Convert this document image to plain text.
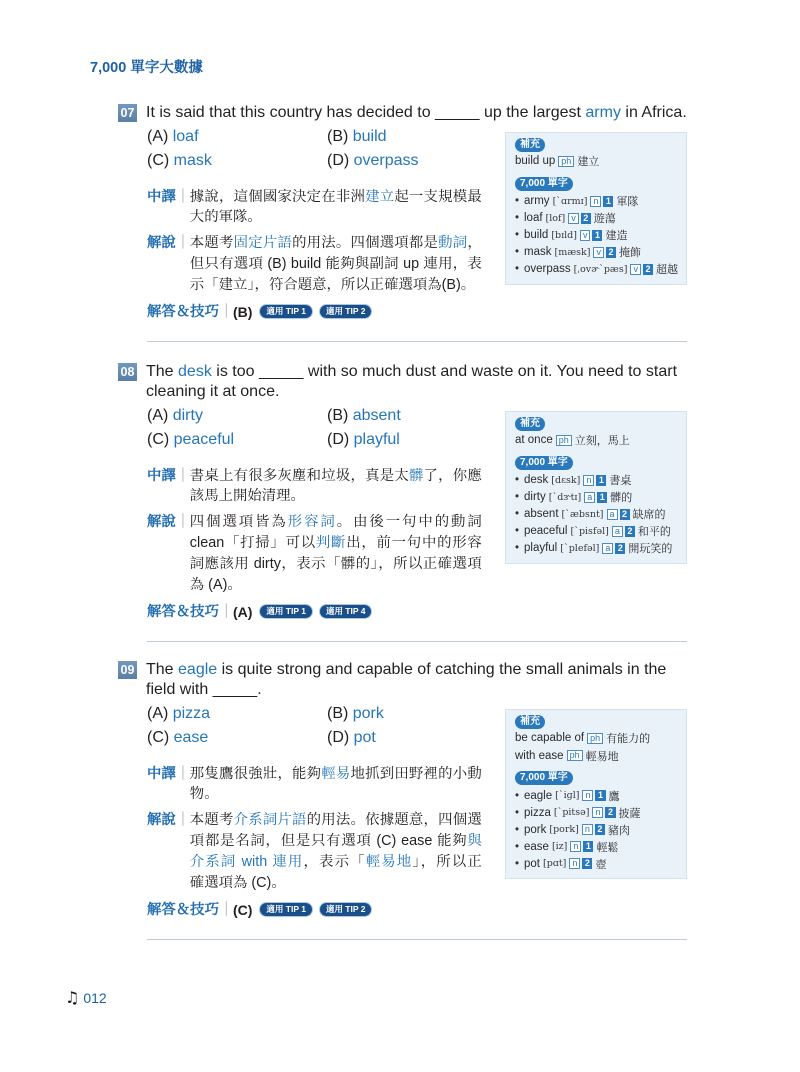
7,000 單字大數據
07 It is said that this country has decided to _____ up the largest army in Africa.
(A) loaf	(B) build
(C) mask	(D) overpass
中譯 ｜ 據說，這個國家決定在非洲建立起一支規模最
大的軍隊。
解說 ｜ 本題考固定片語的用法。四個選項都是動詞，
但只有選項 (B) build 能夠與副詞 up 連用，表
示「建立」，符合題意，所以正確選項為(B)。
解答＆技巧 ｜ (B)	適用 TIP 1	適用 TIP 2
補充
build up ph 建立
7,000 單字
•
army [ˋɑrmɪ] n 1 軍隊
•
loaf [lof] v 2 遊蕩
•
build [bɪld] v 1 建造
•
mask [mæsk] v 2 掩飾
•
overpass [ˌovɚˋpæs] v 2 超越
08 The desk is too _____ with so much dust and waste on it. You need to start cleaning it at once.
(A) dirty	(B) absent
(C) peaceful	(D) playful
中譯 ｜ 書桌上有很多灰塵和垃圾，真是太髒了，你應
該馬上開始清理。
解說 ｜ 四個選項皆為形容詞。由後一句中的動詞
clean「打掃」可以判斷出，前一句中的形容
詞應該用 dirty，表示「髒的」，所以正確選項
為 (A)。
解答＆技巧 ｜ (A)	適用 TIP 1	適用 TIP 4
補充
at once ph 立刻，馬上
7,000 單字
•
desk [dɛsk] n 1 書桌
•
dirty [ˋdɝtɪ] a 1 髒的
•
absent [ˋæbsnt] a 2 缺席的
•
peaceful [ˋpisfəl] a 2 和平的
•
playful [ˋplefəl] a 2 開玩笑的
09 The eagle is quite strong and capable of catching the small animals in the field with _____.
(A) pizza	(B) pork
(C) ease	(D) pot
中譯 ｜ 那隻鷹很強壯，能夠輕易地抓到田野裡的小動
物。
解說 ｜ 本題考介系詞片語的用法。依據題意，四個選
項都是名詞，但是只有選項 (C) ease 能夠與
介系詞 with 連用，表示「輕易地」，所以正
確選項為 (C)。
解答＆技巧 ｜ (C)	適用 TIP 1	適用 TIP 2
補充
be capable of ph 有能力的
with ease ph 輕易地
7,000 單字
•
eagle [ˋigl] n 1 鷹
•
pizza [ˋpitsə] n 2 披薩
•
pork [pork] n 2 豬肉
•
ease [iz] n 1 輕鬆
•
pot [pɑt] n 2 壺
♫ 012
